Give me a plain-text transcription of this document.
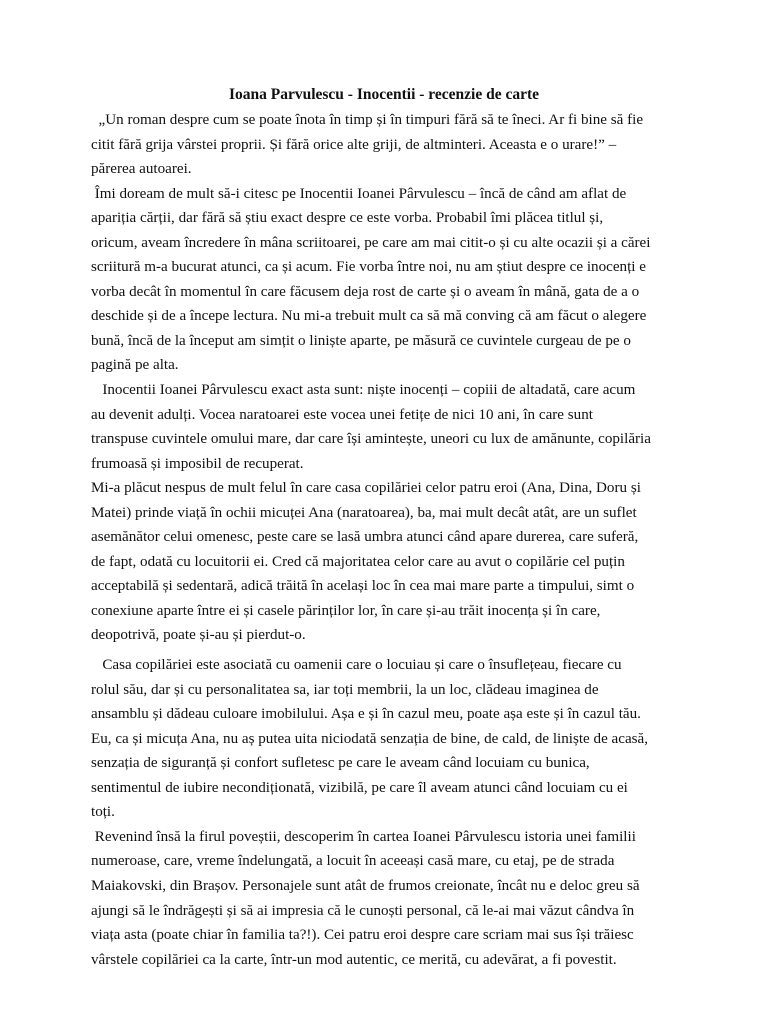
Ioana Parvulescu - Inocentii - recenzie de carte

„Un roman despre cum se poate înota în timp și în timpuri fără să te îneci. Ar fi bine să fie citit fără grija vârstei proprii. Și fără orice alte griji, de altminteri. Aceasta e o urare!” – părerea autoarei.

Îmi doream de mult să-i citesc pe Inocentii Ioanei Pârvulescu – încă de când am aflat de apariția cărții, dar fără să știu exact despre ce este vorba. Probabil îmi plăcea titlul și, oricum, aveam încredere în mâna scriitoarei, pe care am mai citit-o și cu alte ocazii și a cărei scriitură m-a bucurat atunci, ca și acum. Fie vorba între noi, nu am știut despre ce inocenți e vorba decât în momentul în care făcusem deja rost de carte și o aveam în mână, gata de a o deschide și de a începe lectura. Nu mi-a trebuit mult ca să mă conving că am făcut o alegere bună, încă de la început am simțit o liniște aparte, pe măsură ce cuvintele curgeau de pe o pagină pe alta.

Inocentii Ioanei Pârvulescu exact asta sunt: niște inocenți – copiii de altadată, care acum au devenit adulți. Vocea naratoarei este vocea unei fetițe de nici 10 ani, în care sunt transpuse cuvintele omului mare, dar care își amintește, uneori cu lux de amănunte, copilăria frumoasă și imposibil de recuperat.

Mi-a plăcut nespus de mult felul în care casa copilăriei celor patru eroi (Ana, Dina, Doru și Matei) prinde viață în ochii micuței Ana (naratoarea), ba, mai mult decât atât, are un suflet asemănător celui omenesc, peste care se lasă umbra atunci când apare durerea, care suferă, de fapt, odată cu locuitorii ei. Cred că majoritatea celor care au avut o copilărie cel puțin acceptabilă și sedentară, adică trăită în același loc în cea mai mare parte a timpului, simt o conexiune aparte între ei și casele părinților lor, în care și-au trăit inocența și în care, deopotrivă, poate și-au și pierdut-o.

Casa copilăriei este asociată cu oamenii care o locuiau și care o însuflețeau, fiecare cu rolul său, dar și cu personalitatea sa, iar toți membrii, la un loc, clădeau imaginea de ansamblu și dădeau culoare imobilului. Așa e și în cazul meu, poate așa este și în cazul tău. Eu, ca și micuța Ana, nu aș putea uita niciodată senzația de bine, de cald, de liniște de acasă, senzația de siguranță și confort sufletesc pe care le aveam când locuiam cu bunica, sentimentul de iubire necondiționată, vizibilă, pe care îl aveam atunci când locuiam cu ei toți.

Revenind însă la firul poveștii, descoperim în cartea Ioanei Pârvulescu istoria unei familii numeroase, care, vreme îndelungată, a locuit în aceeași casă mare, cu etaj, pe de strada Maiakovski, din Brașov. Personajele sunt atât de frumos creionate, încât nu e deloc greu să ajungi să le îndrăgești și să ai impresia că le cunoști personal, că le-ai mai văzut cândva în viața asta (poate chiar în familia ta?!). Cei patru eroi despre care scriam mai sus își trăiesc vârstele copilăriei ca la carte, într-un mod autentic, ce merită, cu adevărat, a fi povestit.
